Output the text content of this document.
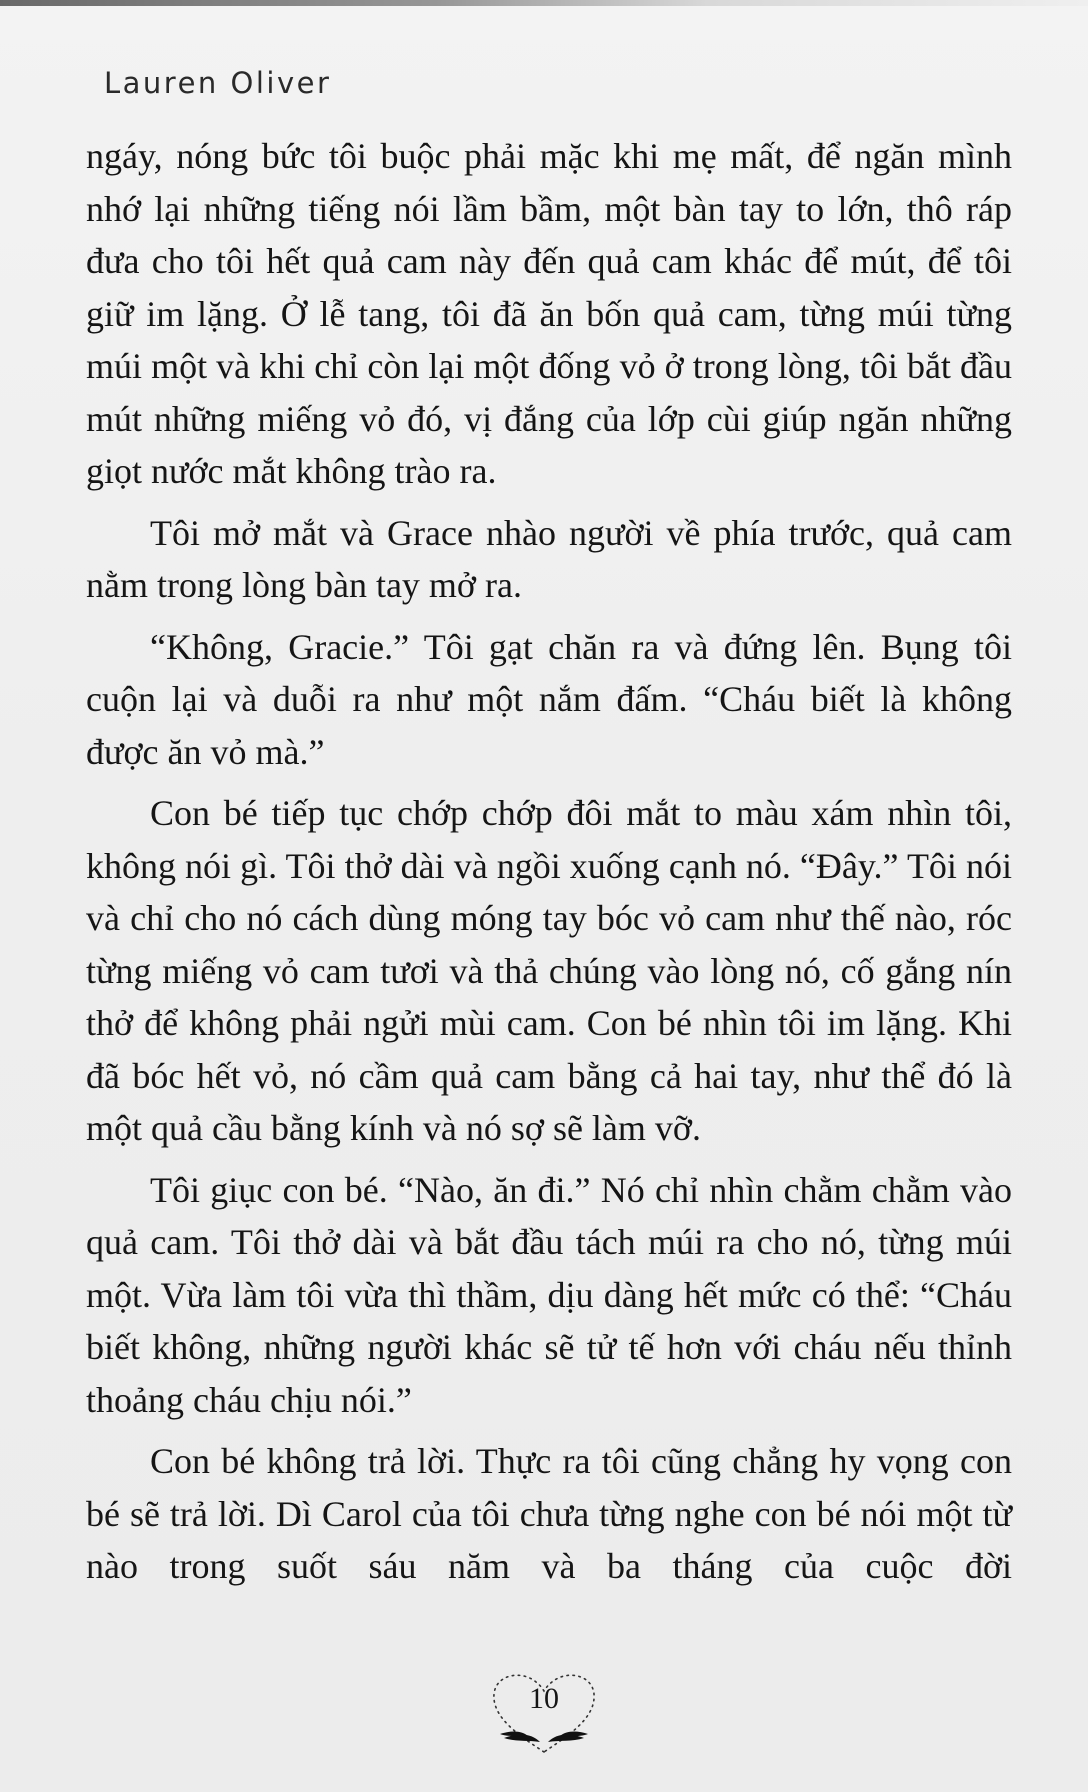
Lauren Oliver

ngáy, nóng bức tôi buộc phải mặc khi mẹ mất, để ngăn mình nhớ lại những tiếng nói lầm bầm, một bàn tay to lớn, thô ráp đưa cho tôi hết quả cam này đến quả cam khác để mút, để tôi giữ im lặng. Ở lễ tang, tôi đã ăn bốn quả cam, từng múi từng múi một và khi chỉ còn lại một đống vỏ ở trong lòng, tôi bắt đầu mút những miếng vỏ đó, vị đắng của lớp cùi giúp ngăn những giọt nước mắt không trào ra.

Tôi mở mắt và Grace nhào người về phía trước, quả cam nằm trong lòng bàn tay mở ra.

“Không, Gracie.” Tôi gạt chăn ra và đứng lên. Bụng tôi cuộn lại và duỗi ra như một nắm đấm. “Cháu biết là không được ăn vỏ mà.”

Con bé tiếp tục chớp chớp đôi mắt to màu xám nhìn tôi, không nói gì. Tôi thở dài và ngồi xuống cạnh nó. “Đây.” Tôi nói và chỉ cho nó cách dùng móng tay bóc vỏ cam như thế nào, róc từng miếng vỏ cam tươi và thả chúng vào lòng nó, cố gắng nín thở để không phải ngửi mùi cam. Con bé nhìn tôi im lặng. Khi đã bóc hết vỏ, nó cầm quả cam bằng cả hai tay, như thể đó là một quả cầu bằng kính và nó sợ sẽ làm vỡ.

Tôi giục con bé. “Nào, ăn đi.” Nó chỉ nhìn chằm chằm vào quả cam. Tôi thở dài và bắt đầu tách múi ra cho nó, từng múi một. Vừa làm tôi vừa thì thầm, dịu dàng hết mức có thể: “Cháu biết không, những người khác sẽ tử tế hơn với cháu nếu thỉnh thoảng cháu chịu nói.”

Con bé không trả lời. Thực ra tôi cũng chẳng hy vọng con bé sẽ trả lời. Dì Carol của tôi chưa từng nghe con bé nói một từ nào trong suốt sáu năm và ba tháng của cuộc đời

10
